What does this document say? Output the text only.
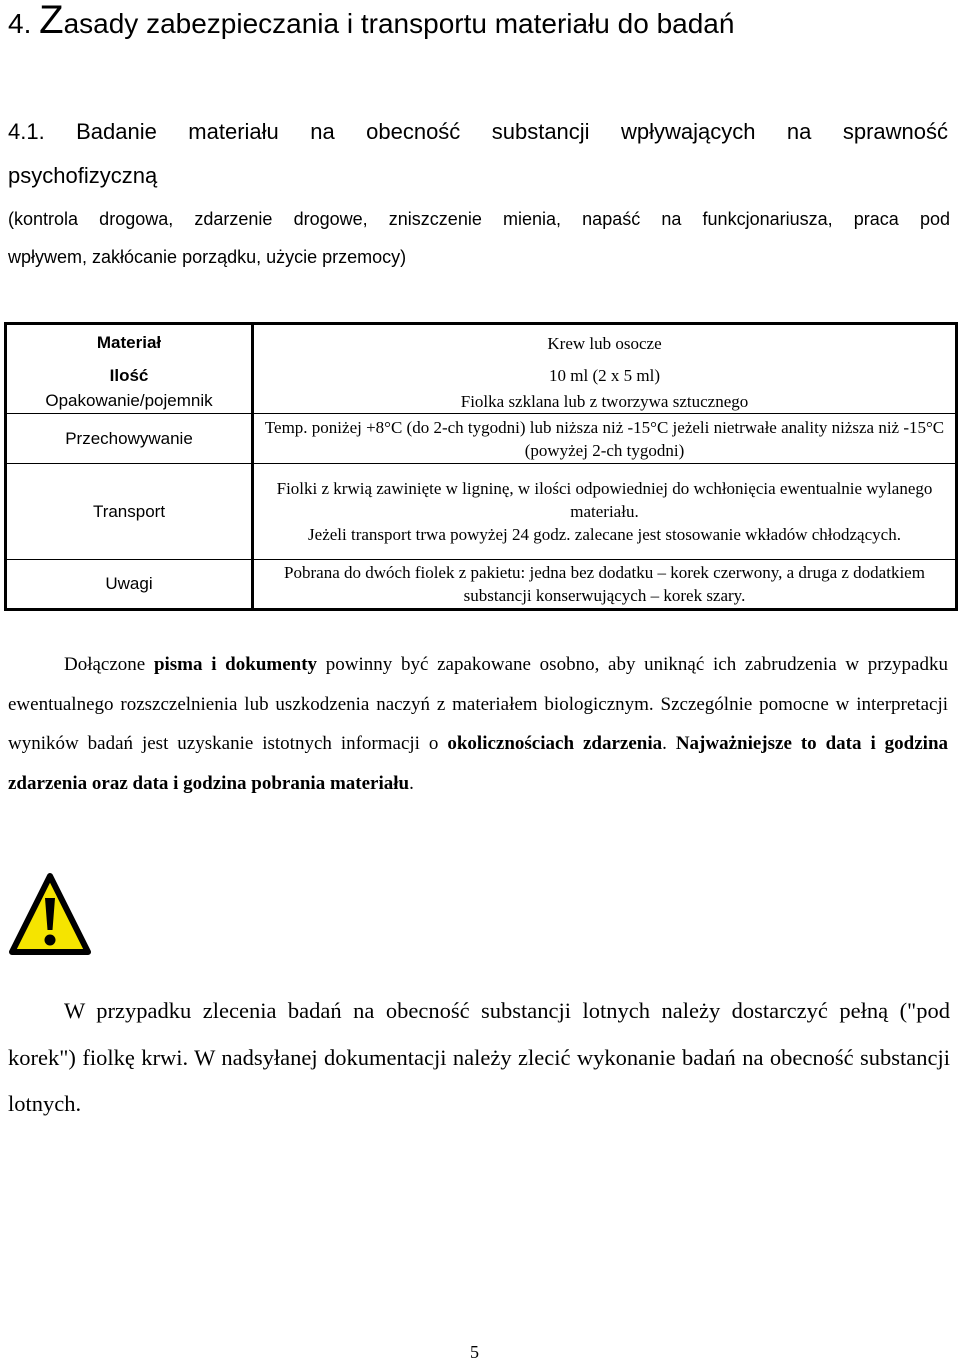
4. Zasady zabezpieczania i transportu materiału do badań
4.1. Badanie materiału na obecność substancji wpływających na sprawność
psychofizyczną
(kontrola drogowa, zdarzenie drogowe, zniszczenie mienia, napaść na funkcjonariusza, praca pod
wpływem, zakłócanie porządku, użycie przemocy)
Materiał	Krew lub osocze
Ilość	10 ml (2 x 5 ml)
Opakowanie/pojemnik	Fiolka szklana lub z tworzywa sztucznego
Przechowywanie	Temp. poniżej +8°C (do 2-ch tygodni) lub niższa niż -15°C jeżeli nietrwałe anality niższa niż -15°C (powyżej 2-ch tygodni)
Transport	Fiolki z krwią zawinięte w ligninę, w ilości odpowiedniej do wchłonięcia ewentualnie wylanego materiału.
Jeżeli transport trwa powyżej 24 godz. zalecane jest stosowanie wkładów chłodzących.

Uwagi	Pobrana do dwóch fiolek z pakietu: jedna bez dodatku – korek czerwony, a druga z dodatkiem substancji konserwujących – korek szary.
Dołączone pisma i dokumenty powinny być zapakowane osobno, aby uniknąć ich zabrudzenia w przypadku ewentualnego rozszczelnienia lub uszkodzenia naczyń z materiałem biologicznym. Szczególnie pomocne w interpretacji wyników badań jest uzyskanie istotnych informacji o okolicznościach zdarzenia. Najważniejsze to data i godzina zdarzenia oraz data i godzina pobrania materiału.
W przypadku zlecenia badań na obecność substancji lotnych należy dostarczyć pełną ("pod korek") fiolkę krwi. W nadsyłanej dokumentacji należy zlecić wykonanie badań na obecność substancji lotnych.
5
